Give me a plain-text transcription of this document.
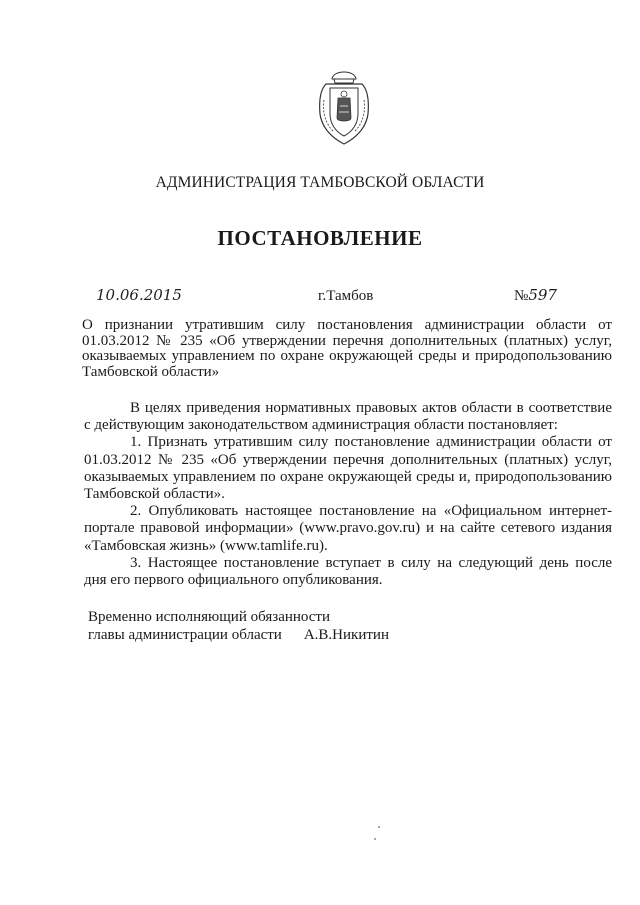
АДМИНИСТРАЦИЯ ТАМБОВСКОЙ ОБЛАСТИ
ПОСТАНОВЛЕНИЕ
10.06.2015	г.Тамбов	№597
О признании утратившим силу постановления администрации области от 01.03.2012 № 235 «Об утверждении перечня дополнительных (платных) услуг, оказываемых управлением по охране окружающей среды и природопользованию Тамбовской области»

В целях приведения нормативных правовых актов области в соответствие с действующим законодательством администрация области постановляет:

1. Признать утратившим силу постановление администрации области от 01.03.2012 № 235 «Об утверждении перечня дополнительных (платных) услуг, оказываемых управлением по охране окружающей среды и, природопользованию Тамбовской области».

2. Опубликовать настоящее постановление на «Официальном интернет-портале правовой информации» (www.pravo.gov.ru) и на сайте сетевого издания «Тамбовская жизнь» (www.tamlife.ru).

3. Настоящее постановление вступает в силу на следующий день после дня его первого официального опубликования.

Временно исполняющий обязанности
главы администрации области А.В.Никитин
